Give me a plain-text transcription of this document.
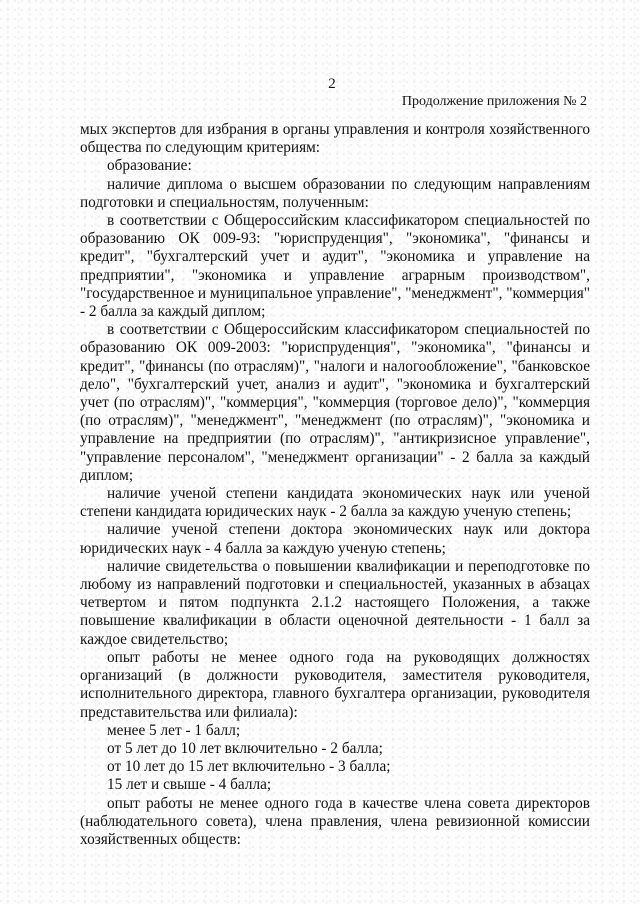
2
Продолжение приложения № 2

мых экспертов для избрания в органы управления и контроля хозяйственного общества по следующим критериям:

образование:

наличие диплома о высшем образовании по следующим направлениям подготовки и специальностям, полученным:

в соответствии с Общероссийским классификатором специальностей по образованию ОК 009-93: "юриспруденция", "экономика", "финансы и кредит", "бухгалтерский учет и аудит", "экономика и управление на предприятии", "экономика и управление аграрным производством", "государственное и муниципальное управление", "менеджмент", "коммерция" - 2 балла за каждый диплом;

в соответствии с Общероссийским классификатором специальностей по образованию ОК 009-2003: "юриспруденция", "экономика", "финансы и кредит", "финансы (по отраслям)", "налоги и налогообложение", "банковское дело", "бухгалтерский учет, анализ и аудит", "экономика и бухгалтерский учет (по отраслям)", "коммерция", "коммерция (торговое дело)", "коммерция (по отраслям)", "менеджмент", "менеджмент (по отраслям)", "экономика и управление на предприятии (по отраслям)", "антикризисное управление", "управление персоналом", "менеджмент организации" - 2 балла за каждый диплом;

наличие ученой степени кандидата экономических наук или ученой степени кандидата юридических наук - 2 балла за каждую ученую степень;

наличие ученой степени доктора экономических наук или доктора юридических наук - 4 балла за каждую ученую степень;

наличие свидетельства о повышении квалификации и переподготовке по любому из направлений подготовки и специальностей, указанных в абзацах четвертом и пятом подпункта 2.1.2 настоящего Положения, а также повышение квалификации в области оценочной деятельности - 1 балл за каждое свидетельство;

опыт работы не менее одного года на руководящих должностях организаций (в должности руководителя, заместителя руководителя, исполнительного директора, главного бухгалтера организации, руководителя представительства или филиала):

менее 5 лет - 1 балл;

от 5 лет до 10 лет включительно - 2 балла;

от 10 лет до 15 лет включительно - 3 балла;

15 лет и свыше - 4 балла;

опыт работы не менее одного года в качестве члена совета директоров (наблюдательного совета), члена правления, члена ревизионной комиссии хозяйственных обществ:
